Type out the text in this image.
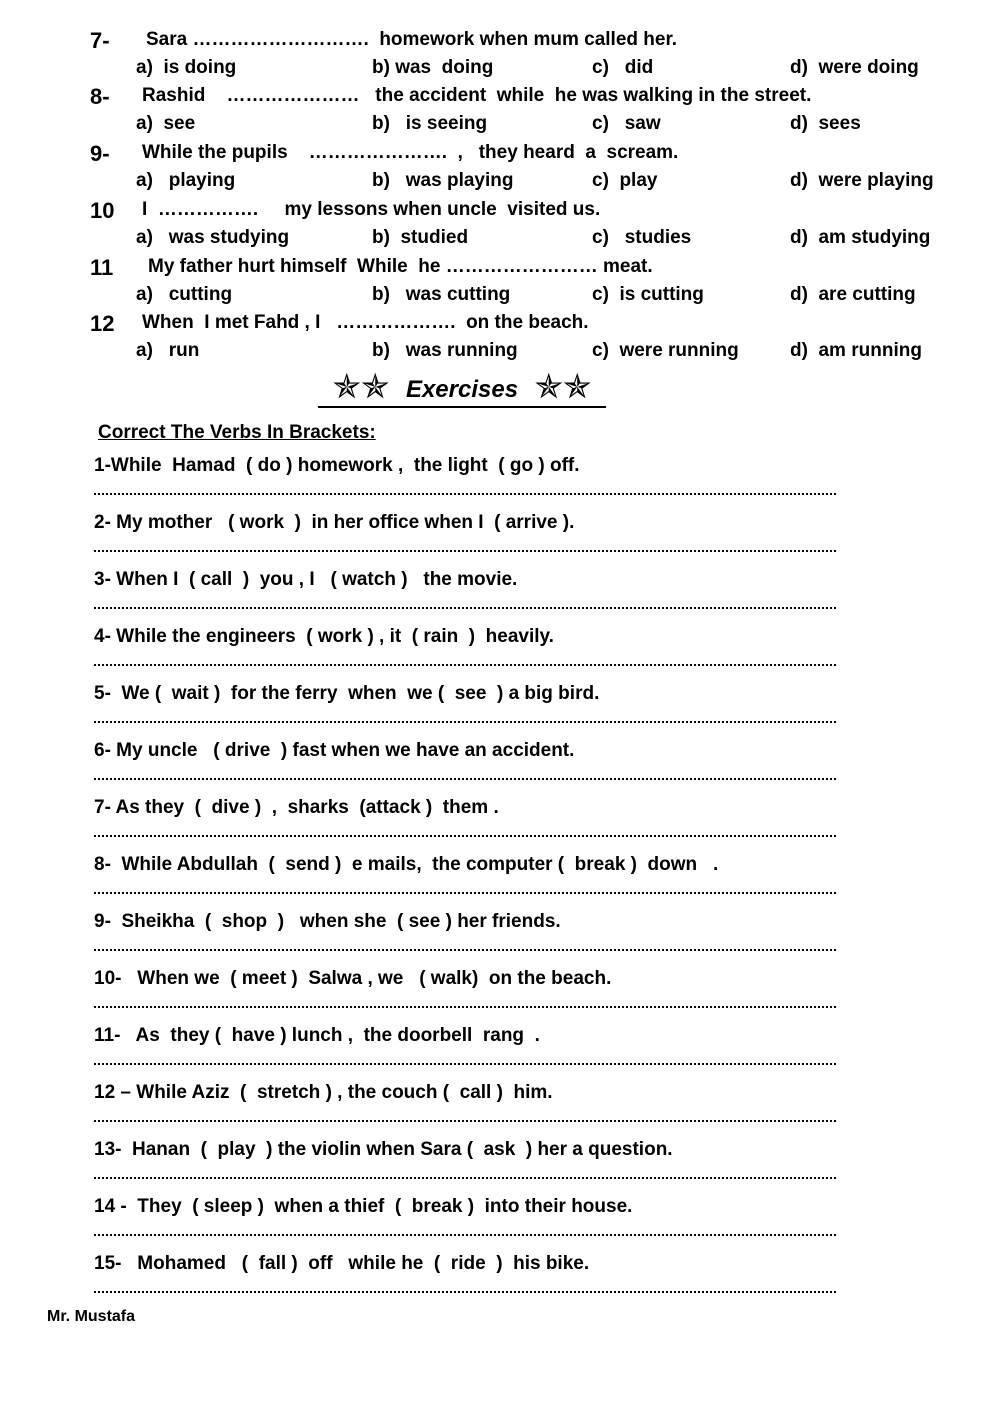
7- Sara ……………………….  homework when mum called her.
a)  is doing	b) was  doing	c)   did	d)  were doing
8- Rashid    …………………   the accident  while  he was walking in the street.
a)  see	b)   is seeing	c)   saw	d)  sees
9- While the pupils    ………………….  ,   they heard  a  scream.
a)   playing	b)   was playing	c)  play	d)  were playing
10 I  …………….     my lessons when uncle  visited us.
a)   was studying	b)  studied	c)   studies	d)  am studying
11 My father hurt himself  While  he …………………… meat.
a)   cutting	b)   was cutting	c)  is cutting	d)  are cutting
12 When  I met Fahd , I   ……………….  on the beach.
a)   run	b)   was running	c)  were running	d)  am running
✯✯ Exercises ✯✯
Correct The Verbs In Brackets:
1-While  Hamad  ( do ) homework ,  the light  ( go ) off.
2- My mother   ( work  )  in her office when I  ( arrive ).
3- When I  ( call  )  you , I   ( watch )   the movie.
4- While the engineers  ( work ) , it  ( rain  )  heavily.
5-  We (  wait )  for the ferry  when  we (  see  ) a big bird.
6- My uncle   ( drive  ) fast when we have an accident.
7- As they  (  dive )  ,  sharks  (attack )  them .
8-  While Abdullah  (  send )  e mails,  the computer (  break )  down   .
9-  Sheikha  (  shop  )   when she  ( see ) her friends.
10-   When we  ( meet )  Salwa , we   ( walk)  on the beach.
11-   As  they (  have ) lunch ,  the doorbell  rang  .
12 – While Aziz  (  stretch ) , the couch (  call )  him.
13-  Hanan  (  play  ) the violin when Sara (  ask  ) her a question.
14 -  They  ( sleep )  when a thief  (  break )  into their house.
15-   Mohamed   (  fall )  off   while he  (  ride  )  his bike.
Mr. Mustafa
